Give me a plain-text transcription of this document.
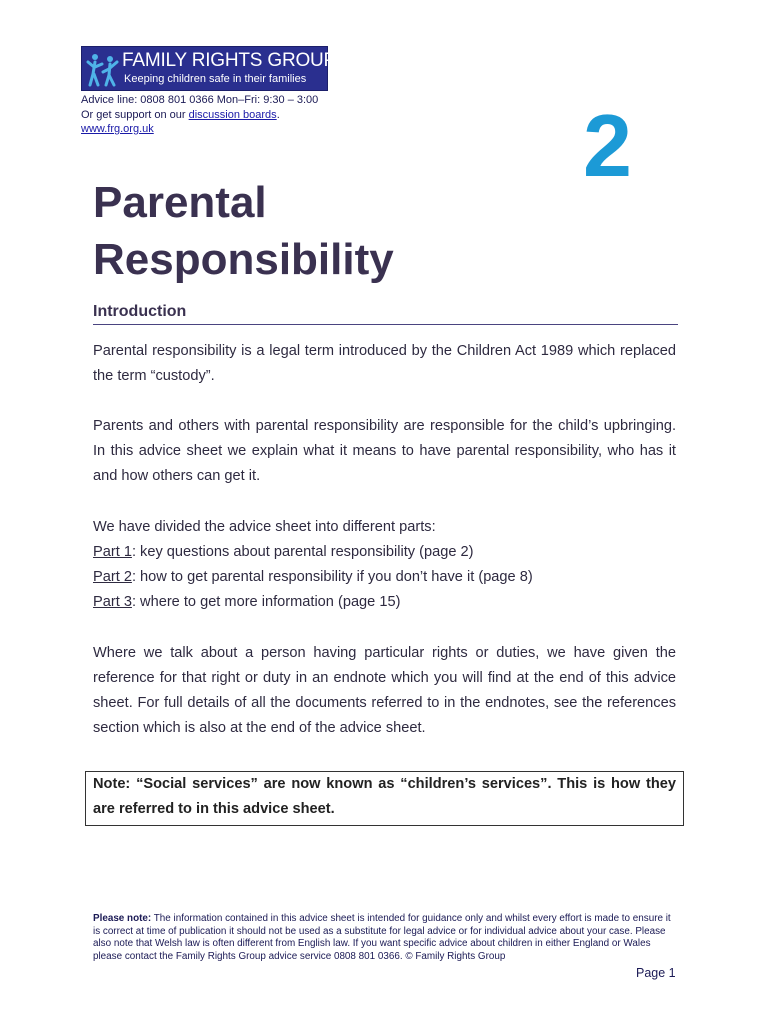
FAMILY RIGHTS GROUP
Keeping children safe in their families
Advice line: 0808 801 0366 Mon–Fri: 9:30 – 3:00
Or get support on our discussion boards.
www.frg.org.uk	2
Parental
Responsibility
Introduction

Parental responsibility is a legal term introduced by the Children Act 1989 which replaced the term “custody”.

Parents and others with parental responsibility are responsible for the child’s upbringing. In this advice sheet we explain what it means to have parental responsibility, who has it and how others can get it.

We have divided the advice sheet into different parts:
Part 1: key questions about parental responsibility (page 2)
Part 2: how to get parental responsibility if you don’t have it (page 8)
Part 3: where to get more information (page 15)

Where we talk about a person having particular rights or duties, we have given the reference for that right or duty in an endnote which you will find at the end of this advice sheet. For full details of all the documents referred to in the endnotes, see the references section which is also at the end of the advice sheet.

Note: “Social services” are now known as “children’s services”. This is how they are referred to in this advice sheet.
Please note: The information contained in this advice sheet is intended for guidance only and whilst every effort is made to ensure it is correct at time of publication it should not be used as a substitute for legal advice or for individual advice about your case. Please also note that Welsh law is often different from English law. If you want specific advice about children in either England or Wales please contact the Family Rights Group advice service 0808 801 0366. © Family Rights Group
Page 1
